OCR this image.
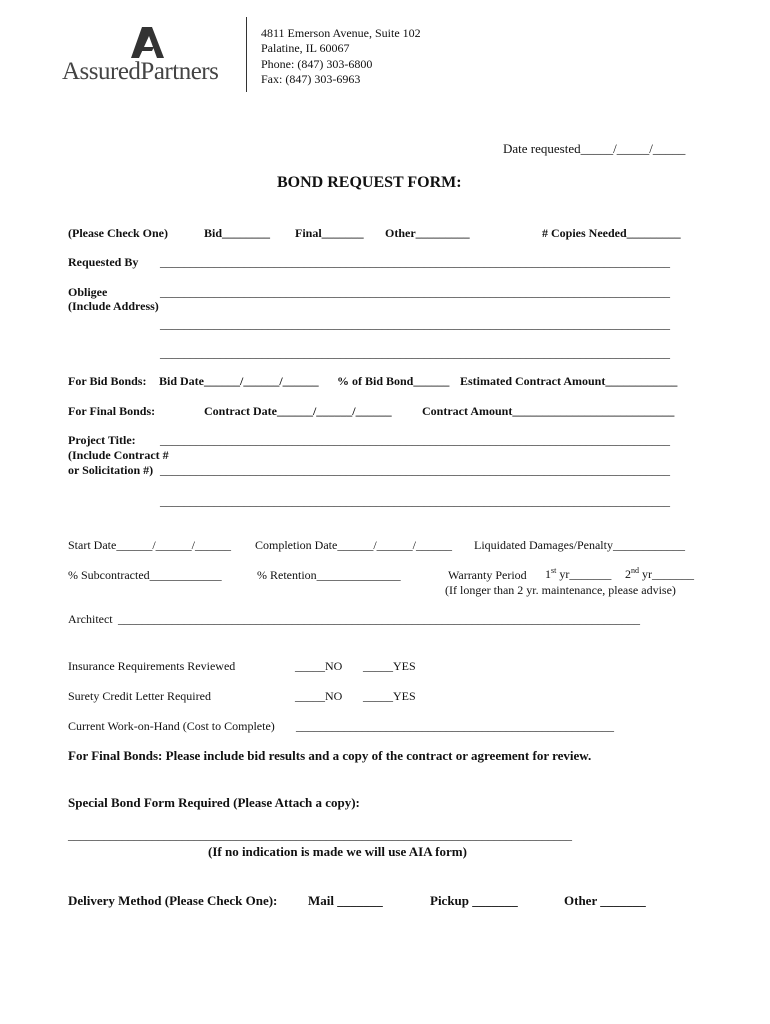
AssuredPartners
4811 Emerson Avenue, Suite 102
Palatine, IL 60067
Phone: (847) 303-6800
Fax: (847) 303-6963
Date requested_____/_____/_____
BOND REQUEST FORM:
(Please Check One)	Bid________ Final_______ Other_________	# Copies Needed_________
Requested By _____________________________________________________________________________________
Obligee	_____________________________________________________________________________________
(Include Address)
_____________________________________________________________________________________
_____________________________________________________________________________________
For Bid Bonds: Bid Date______/______/______ % of Bid Bond______ Estimated Contract Amount____________
For Final Bonds:	Contract Date______/______/______	Contract Amount___________________________
Project Title: _____________________________________________________________________________________
(Include Contract #
or Solicitation #) _____________________________________________________________________________________
_____________________________________________________________________________________
Start Date______/______/______ Completion Date______/______/______ Liquidated Damages/Penalty____________
% Subcontracted____________	% Retention______________	Warranty Period 1st yr_______ 2nd yr_______
(If longer than 2 yr. maintenance, please advise)
Architect _______________________________________________________________________________________
Insurance Requirements Reviewed	_____NO _____YES
Surety Credit Letter Required	_____NO _____YES
Current Work-on-Hand (Cost to Complete) _____________________________________________________
For Final Bonds: Please include bid results and a copy of the contract or agreement for review.
Special Bond Form Required (Please Attach a copy):
____________________________________________________________________________________
(If no indication is made we will use AIA form)
Delivery Method (Please Check One): Mail _______	Pickup _______	Other _______
